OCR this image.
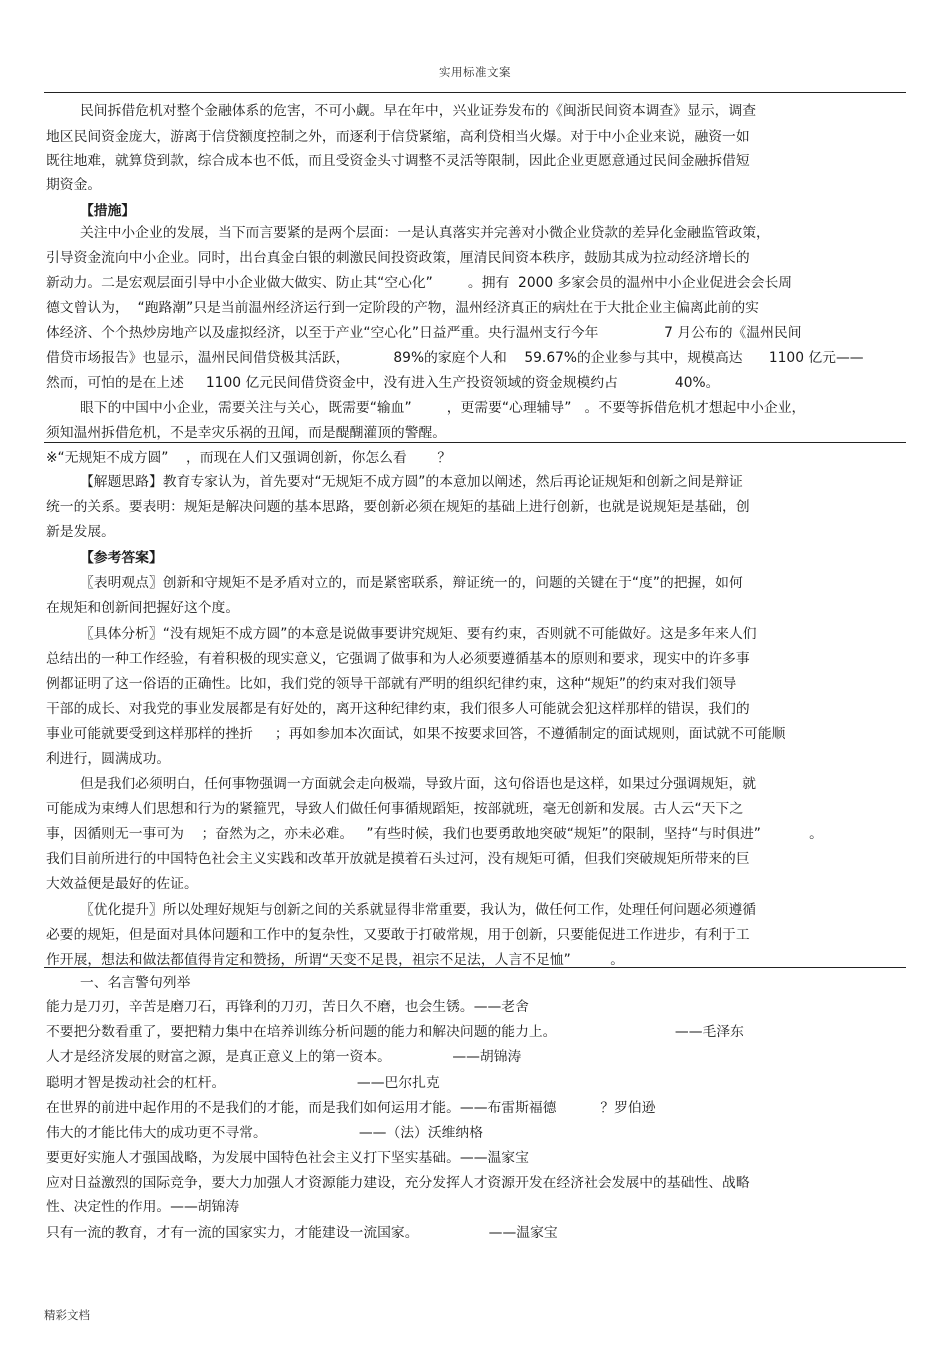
实用标准文案
民间拆借危机对整个金融体系的危害，不可小觑。早在年中，兴业证券发布的《闽浙民间资本调查》显示，调查
地区民间资金庞大，游离于信贷额度控制之外，而逐利于信贷紧缩，高利贷相当火爆。对于中小企业来说，融资一如
既往地难，就算贷到款，综合成本也不低，而且受资金头寸调整不灵活等限制，因此企业更愿意通过民间金融拆借短
期资金。
【措施】
关注中小企业的发展，当下而言要紧的是两个层面：一是认真落实并完善对小微企业贷款的差异化金融监管政策，
引导资金流向中小企业。同时，出台真金白银的刺激民间投资政策，厘清民间资本秩序，鼓励其成为拉动经济增长的
新动力。二是宏观层面引导中小企业做大做实、防止其“空心化”        。拥有  2000 多家会员的温州中小企业促进会会长周
德文曾认为，  “跑路潮”只是当前温州经济运行到一定阶段的产物，温州经济真正的病灶在于大批企业主偏离此前的实
体经济、个个热炒房地产以及虚拟经济，以至于产业“空心化”日益严重。央行温州支行今年               7 月公布的《温州民间
借贷市场报告》也显示，温州民间借贷极其活跃，          89%的家庭个人和    59.67%的企业参与其中，规模高达      1100 亿元——
然而，可怕的是在上述     1100 亿元民间借贷资金中，没有进入生产投资领域的资金规模约占             40%。
眼下的中国中小企业，需要关注与关心，既需要“输血”        ，更需要“心理辅导”   。不要等拆借危机才想起中小企业，
须知温州拆借危机，不是幸灾乐祸的丑闻，而是醍醐灌顶的警醒。
※“无规矩不成方圆”    ，而现在人们又强调创新，你怎么看       ？
【解题思路】教育专家认为，首先要对“无规矩不成方圆”的本意加以阐述，然后再论证规矩和创新之间是辩证
统一的关系。要表明：规矩是解决问题的基本思路，要创新必须在规矩的基础上进行创新，也就是说规矩是基础，创
新是发展。
【参考答案】
〖表明观点〗创新和守规矩不是矛盾对立的，而是紧密联系，辩证统一的，问题的关键在于“度”的把握，如何
在规矩和创新间把握好这个度。
〖具体分析〗“没有规矩不成方圆”的本意是说做事要讲究规矩、要有约束，否则就不可能做好。这是多年来人们
总结出的一种工作经验，有着积极的现实意义，它强调了做事和为人必须要遵循基本的原则和要求，现实中的许多事
例都证明了这一俗语的正确性。比如，我们党的领导干部就有严明的组织纪律约束，这种“规矩”的约束对我们领导
干部的成长、对我党的事业发展都是有好处的，离开这种纪律约束，我们很多人可能就会犯这样那样的错误，我们的
事业可能就要受到这样那样的挫折     ；再如参加本次面试，如果不按要求回答，不遵循制定的面试规则，面试就不可能顺
利进行，圆满成功。
但是我们必须明白，任何事物强调一方面就会走向极端，导致片面，这句俗语也是这样，如果过分强调规矩，就
可能成为束缚人们思想和行为的紧箍咒，导致人们做任何事循规蹈矩，按部就班，毫无创新和发展。古人云“天下之
事，因循则无一事可为    ；奋然为之，亦未必难。   ”有些时候，我们也要勇敢地突破“规矩”的限制，坚持“与时俱进”           。
我们目前所进行的中国特色社会主义实践和改革开放就是摸着石头过河，没有规矩可循，但我们突破规矩所带来的巨
大效益便是最好的佐证。
〖优化提升〗所以处理好规矩与创新之间的关系就显得非常重要，我认为，做任何工作，处理任何问题必须遵循
必要的规矩，但是面对具体问题和工作中的复杂性，又要敢于打破常规，用于创新，只要能促进工作进步，有利于工
作开展，想法和做法都值得肯定和赞扬，所谓“天变不足畏，祖宗不足法，人言不足恤”         。
一、名言警句列举
能力是刀刃，辛苦是磨刀石，再锋利的刀刃，苦日久不磨，也会生锈。——老舍
不要把分数看重了，要把精力集中在培养训练分析问题的能力和解决问题的能力上。                           ——毛泽东
人才是经济发展的财富之源，是真正意义上的第一资本。              ——胡锦涛
聪明才智是拨动社会的杠杆。                              ——巴尔扎克
在世界的前进中起作用的不是我们的才能，而是我们如何运用才能。——布雷斯福德          ？罗伯逊
伟大的才能比伟大的成功更不寻常。                     ——（法）沃维纳格
要更好实施人才强国战略，为发展中国特色社会主义打下坚实基础。——温家宝
应对日益激烈的国际竞争，要大力加强人才资源能力建设，充分发挥人才资源开发在经济社会发展中的基础性、战略
性、决定性的作用。——胡锦涛
只有一流的教育，才有一流的国家实力，才能建设一流国家。                ——温家宝
精彩文档
